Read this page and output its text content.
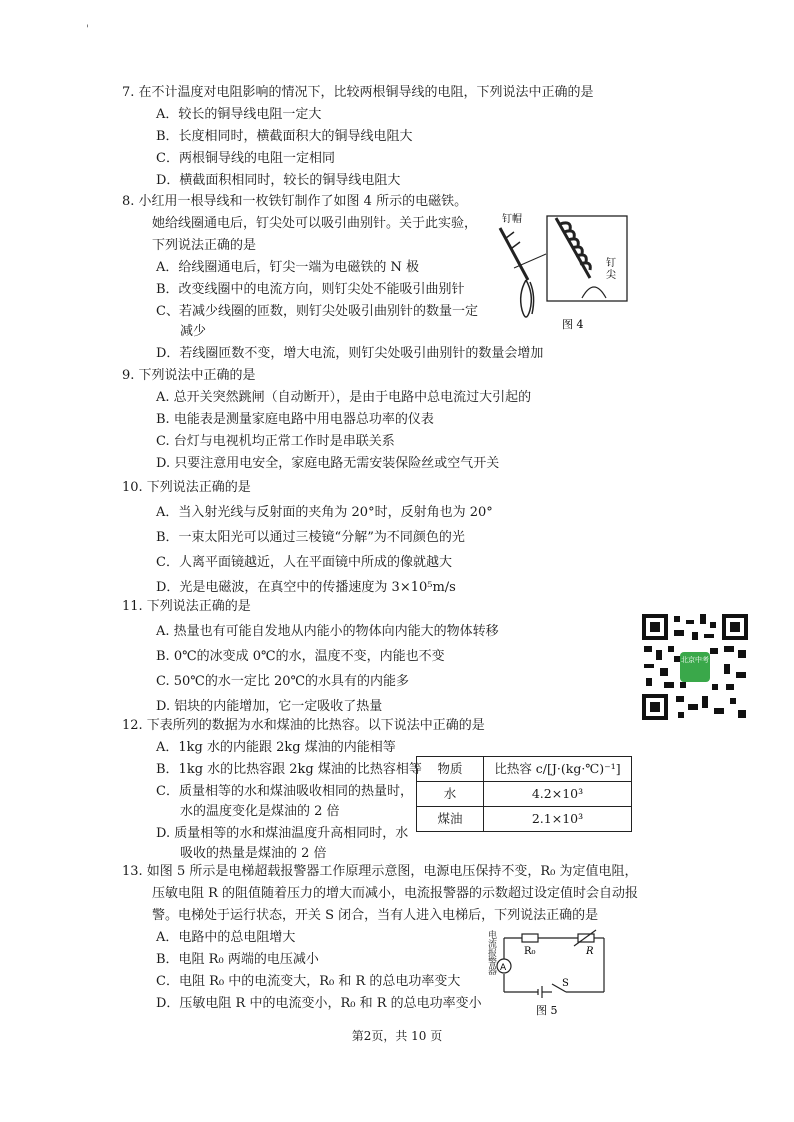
'
7. 在不计温度对电阻影响的情况下，比较两根铜导线的电阻，下列说法中正确的是
A．较长的铜导线电阻一定大
B．长度相同时，横截面积大的铜导线电阻大
C．两根铜导线的电阻一定相同
D．横截面积相同时，较长的铜导线电阻大
8. 小红用一根导线和一枚铁钉制作了如图 4 所示的电磁铁。
她给线圈通电后，钉尖处可以吸引曲别针。关于此实验，
下列说法正确的是
A．给线圈通电后，钉尖一端为电磁铁的 N 极
B．改变线圈中的电流方向，则钉尖处不能吸引曲别针
C、若减少线圈的匝数，则钉尖处吸引曲别针的数量一定
减少
D．若线圈匝数不变，增大电流，则钉尖处吸引曲别针的数量会增加
钉帽
钉
尖
图 4
9. 下列说法中正确的是
A. 总开关突然跳闸（自动断开），是由于电路中总电流过大引起的
B. 电能表是测量家庭电路中用电器总功率的仪表
C. 台灯与电视机均正常工作时是串联关系
D. 只要注意用电安全，家庭电路无需安装保险丝或空气开关
10. 下列说法正确的是
A．当入射光线与反射面的夹角为 20°时，反射角也为 20°
B．一束太阳光可以通过三棱镜“分解”为不同颜色的光
C．人离平面镜越近，人在平面镜中所成的像就越大
D．光是电磁波，在真空中的传播速度为 3×10⁵m/s
11. 下列说法正确的是
A. 热量也有可能自发地从内能小的物体向内能大的物体转移
B. 0℃的冰变成 0℃的水，温度不变，内能也不变
C. 50℃的水一定比 20℃的水具有的内能多
D. 铝块的内能增加，它一定吸收了热量
北京中考
12. 下表所列的数据为水和煤油的比热容。以下说法中正确的是
A．1kg 水的内能跟 2kg 煤油的内能相等
B．1kg 水的比热容跟 2kg 煤油的比热容相等
C．质量相等的水和煤油吸收相同的热量时，
水的温度变化是煤油的 2 倍
D. 质量相等的水和煤油温度升高相同时，水
吸收的热量是煤油的 2 倍
物质	比热容 c/[J·(kg·℃)⁻¹]
水	4.2×10³
煤油	2.1×10³
13. 如图 5 所示是电梯超载报警器工作原理示意图，电源电压保持不变，R₀ 为定值电阻，
压敏电阻 R 的阻值随着压力的增大而减小，电流报警器的示数超过设定值时会自动报
警。电梯处于运行状态，开关 S 闭合，当有人进入电梯后，下列说法正确的是
A．电路中的总电阻增大
B．电阻 R₀ 两端的电压减小
C．电阻 R₀ 中的电流变大，R₀ 和 R 的总电功率变大
D．压敏电阻 R 中的电流变小，R₀ 和 R 的总电功率变小
A
R₀	R
S
图 5
电流报警器
第2页，共 10 页
